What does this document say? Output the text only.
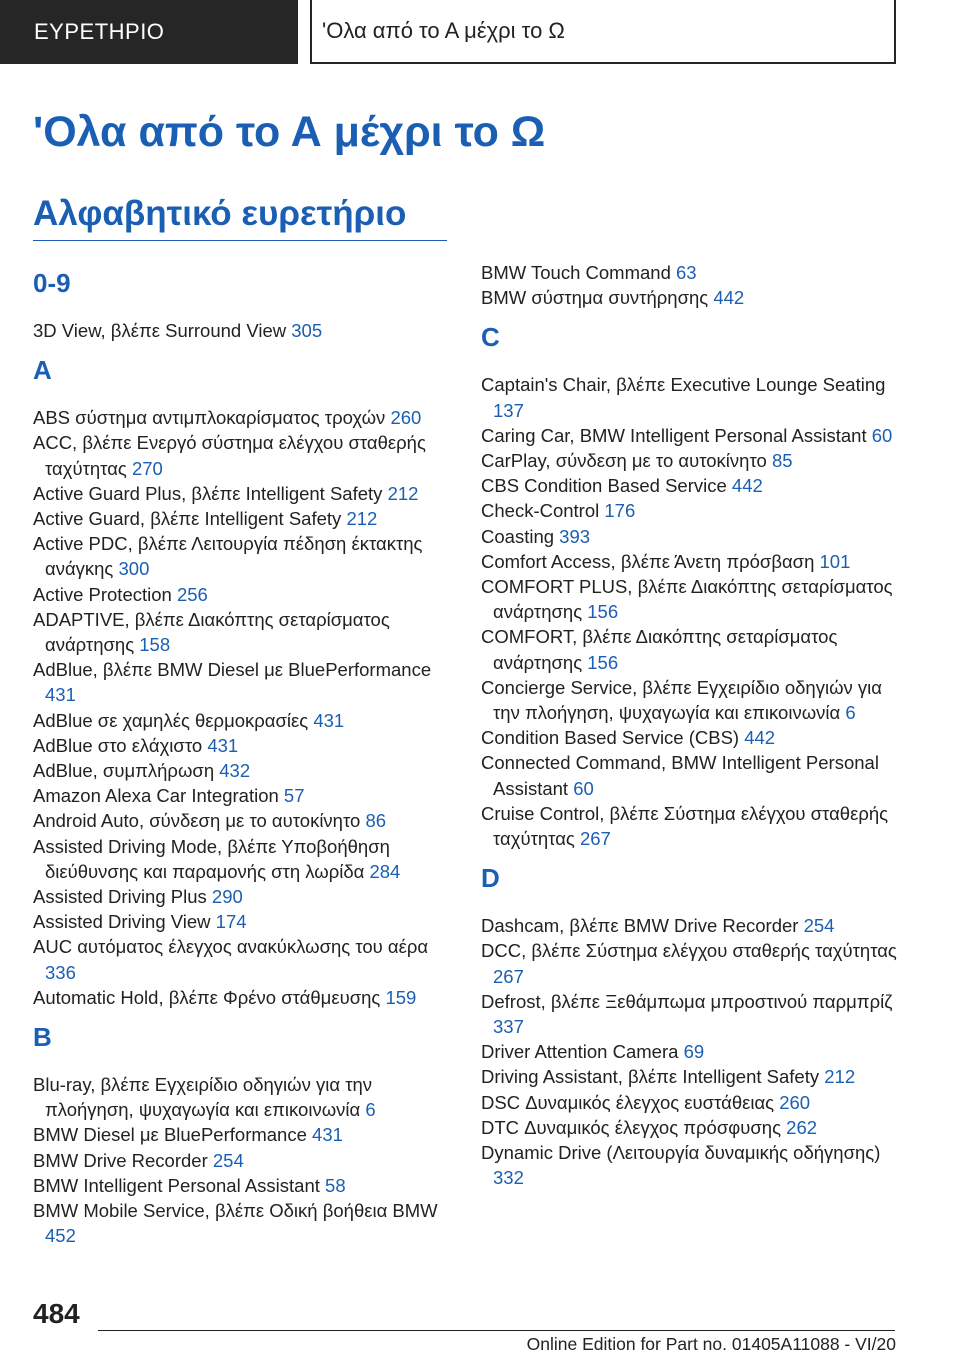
ΕΥΡΕΤΗΡΙΟ	'Ολα από το Α μέχρι το Ω
'Ολα από το Α μέχρι το Ω
Αλφαβητικό ευρετήριο
0-9
3D View, βλέπε Surround View 305
A
ABS σύστημα αντιμπλοκαρίσματος τροχών 260
ACC, βλέπε Ενεργό σύστημα ελέγχου σταθερής ταχύτητας 270
Active Guard Plus, βλέπε Intelligent Safety 212
Active Guard, βλέπε Intelligent Safety 212
Active PDC, βλέπε Λειτουργία πέδηση έκτακτης ανάγκης 300
Active Protection 256
ADAPTIVE, βλέπε Διακόπτης σεταρίσματος ανάρτησης 158
AdBlue, βλέπε BMW Diesel με BluePerformance 431
AdBlue σε χαμηλές θερμοκρασίες 431
AdBlue στο ελάχιστο 431
AdBlue, συμπλήρωση 432
Amazon Alexa Car Integration 57
Android Auto, σύνδεση με το αυτοκίνητο 86
Assisted Driving Mode, βλέπε Υποβοήθηση διεύθυνσης και παραμονής στη λωρίδα 284
Assisted Driving Plus 290
Assisted Driving View 174
AUC αυτόματος έλεγχος ανακύκλωσης του αέρα 336
Automatic Hold, βλέπε Φρένο στάθμευσης 159
B
Blu-ray, βλέπε Εγχειρίδιο οδηγιών για την πλοήγηση, ψυχαγωγία και επικοινωνία 6
BMW Diesel με BluePerformance 431
BMW Drive Recorder 254
BMW Intelligent Personal Assistant 58
BMW Mobile Service, βλέπε Οδική βοήθεια BMW 452
BMW Touch Command 63
BMW σύστημα συντήρησης 442
C
Captain's Chair, βλέπε Executive Lounge Seating 137
Caring Car, BMW Intelligent Personal Assistant 60
CarPlay, σύνδεση με το αυτοκίνητο 85
CBS Condition Based Service 442
Check-Control 176
Coasting 393
Comfort Access, βλέπε Άνετη πρόσβαση 101
COMFORT PLUS, βλέπε Διακόπτης σεταρίσματος ανάρτησης 156
COMFORT, βλέπε Διακόπτης σεταρίσματος ανάρτησης 156
Concierge Service, βλέπε Εγχειρίδιο οδηγιών για την πλοήγηση, ψυχαγωγία και επικοινωνία 6
Condition Based Service (CBS) 442
Connected Command, BMW Intelligent Personal Assistant 60
Cruise Control, βλέπε Σύστημα ελέγχου σταθερής ταχύτητας 267
D
Dashcam, βλέπε BMW Drive Recorder 254
DCC, βλέπε Σύστημα ελέγχου σταθερής ταχύτητας 267
Defrost, βλέπε Ξεθάμπωμα μπροστινού παρμπρίζ 337
Driver Attention Camera 69
Driving Assistant, βλέπε Intelligent Safety 212
DSC Δυναμικός έλεγχος ευστάθειας 260
DTC Δυναμικός έλεγχος πρόσφυσης 262
Dynamic Drive (Λειτουργία δυναμικής οδήγησης) 332
484
Online Edition for Part no. 01405A11088 - VI/20
